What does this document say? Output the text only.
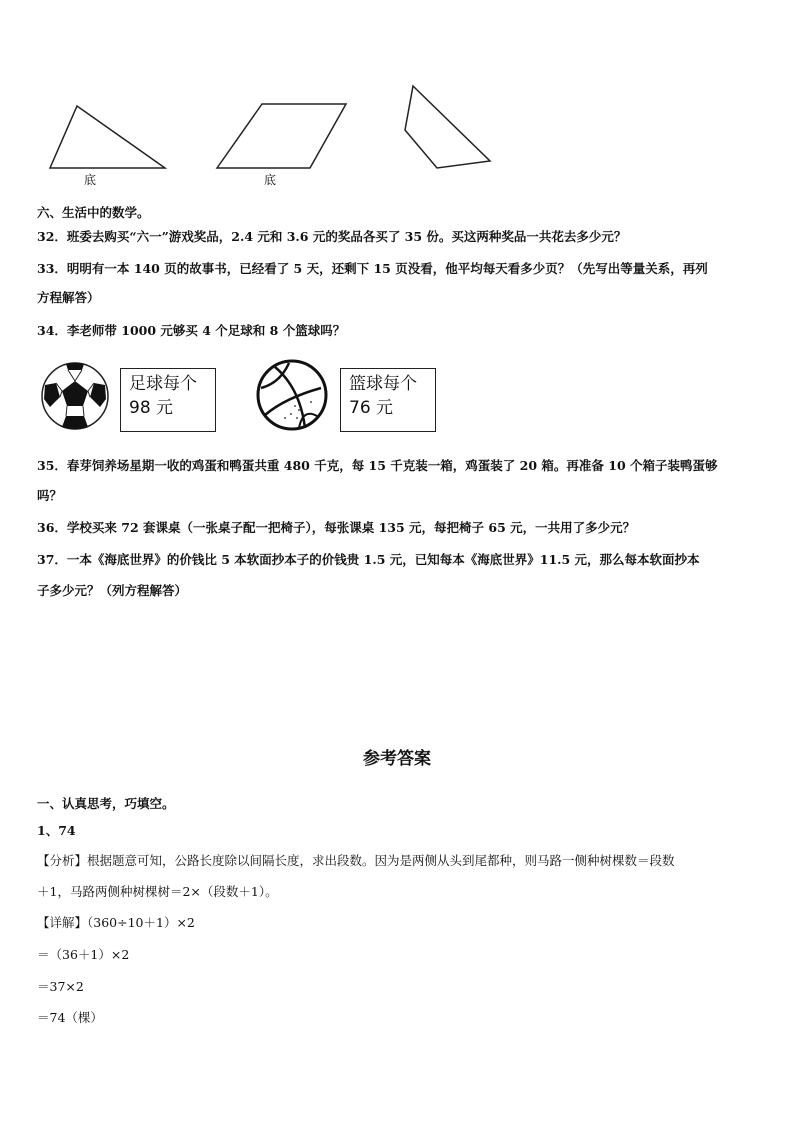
底	底
六、生活中的数学。
32．班委去购买“六一”游戏奖品，2.4 元和 3.6 元的奖品各买了 35 份。买这两种奖品一共花去多少元？
33．明明有一本 140 页的故事书，已经看了 5 天，还剩下 15 页没看，他平均每天看多少页？（先写出等量关系，再列
方程解答）
34．李老师带 1000 元够买 4 个足球和 8 个篮球吗？
足球每个
98 元
篮球每个
76 元
35．春芽饲养场星期一收的鸡蛋和鸭蛋共重 480 千克，每 15 千克装一箱，鸡蛋装了 20 箱。再准备 10 个箱子装鸭蛋够
吗？
36．学校买来 72 套课桌（一张桌子配一把椅子），每张课桌 135 元，每把椅子 65 元，一共用了多少元？
37．一本《海底世界》的价钱比 5 本软面抄本子的价钱贵 1.5 元，已知每本《海底世界》11.5 元，那么每本软面抄本
子多少元？（列方程解答）
参考答案
一、认真思考，巧填空。
1、74
【分析】根据题意可知，公路长度除以间隔长度，求出段数。因为是两侧从头到尾都种，则马路一侧种树棵数＝段数
＋1，马路两侧种树棵树＝2×（段数＋1）。
【详解】（360÷10＋1）×2
＝（36＋1）×2
＝37×2
＝74（棵）
